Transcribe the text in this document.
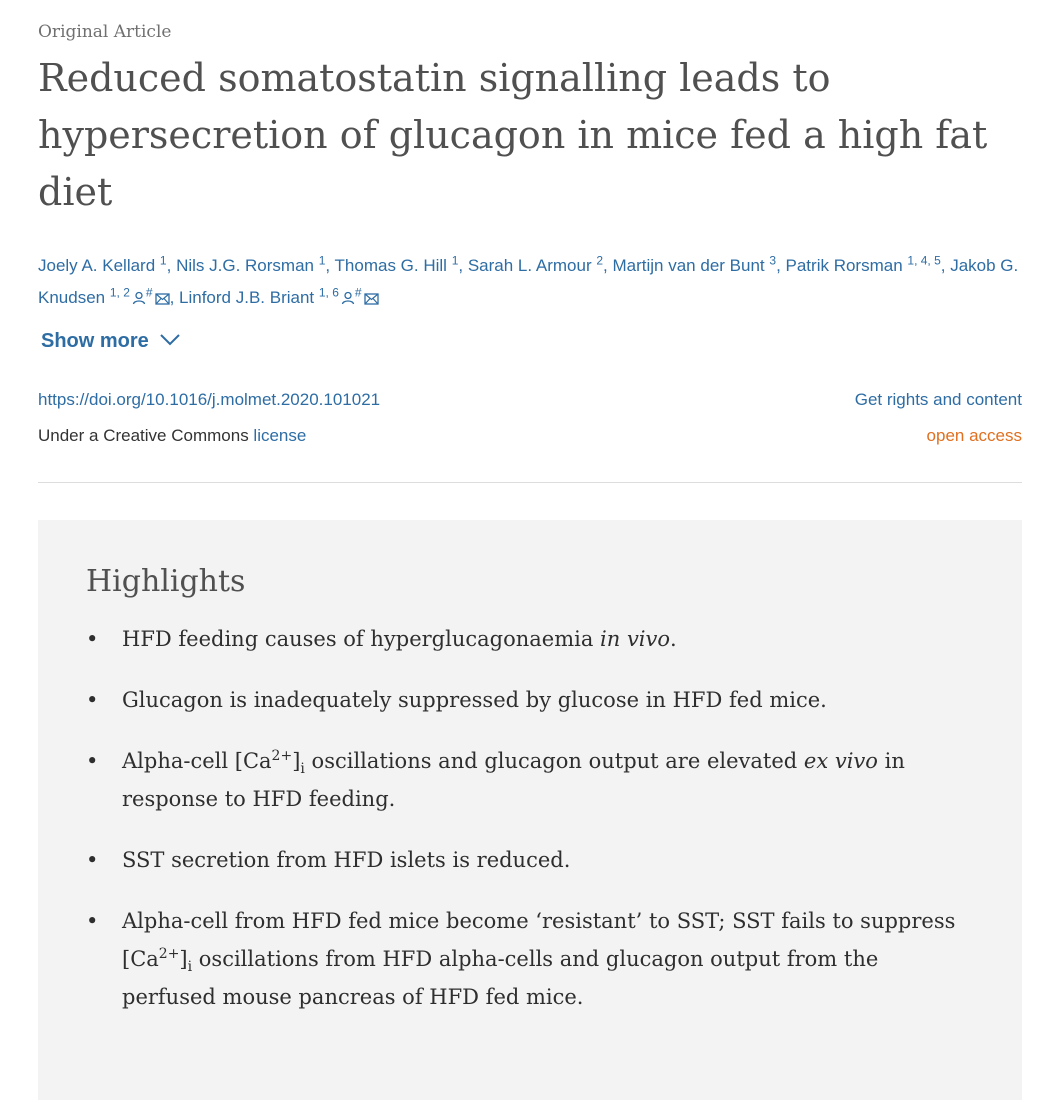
Original Article
Reduced somatostatin signalling leads to hypersecretion of glucagon in mice fed a high fat diet
Joely A. Kellard $^1$, Nils J.G. Rorsman $^1$, Thomas G. Hill $^1$, Sarah L. Armour $^2$, Martijn van der Bunt $^3$, Patrik Rorsman $^{1, 4, 5}$, Jakob G. Knudsen $^{1, 2}$ # , Linford J.B. Briant $^{1, 6}$ #
Show more
https://doi.org/10.1016/j.molmet.2020.101021
Under a Creative Commons license
Get rights and content
open access
Highlights
• HFD feeding causes of hyperglucagonaemia in vivo.
• Glucagon is inadequately suppressed by glucose in HFD fed mice.
• Alpha-cell $[Ca^{2+}]_i$ oscillations and glucagon output are elevated ex vivo in response to HFD feeding.
• SST secretion from HFD islets is reduced.
• Alpha-cell from HFD fed mice become ‘resistant’ to SST; SST fails to suppress $[Ca^{2+}]_i$ oscillations from HFD alpha-cells and glucagon output from the perfused mouse pancreas of HFD fed mice.
